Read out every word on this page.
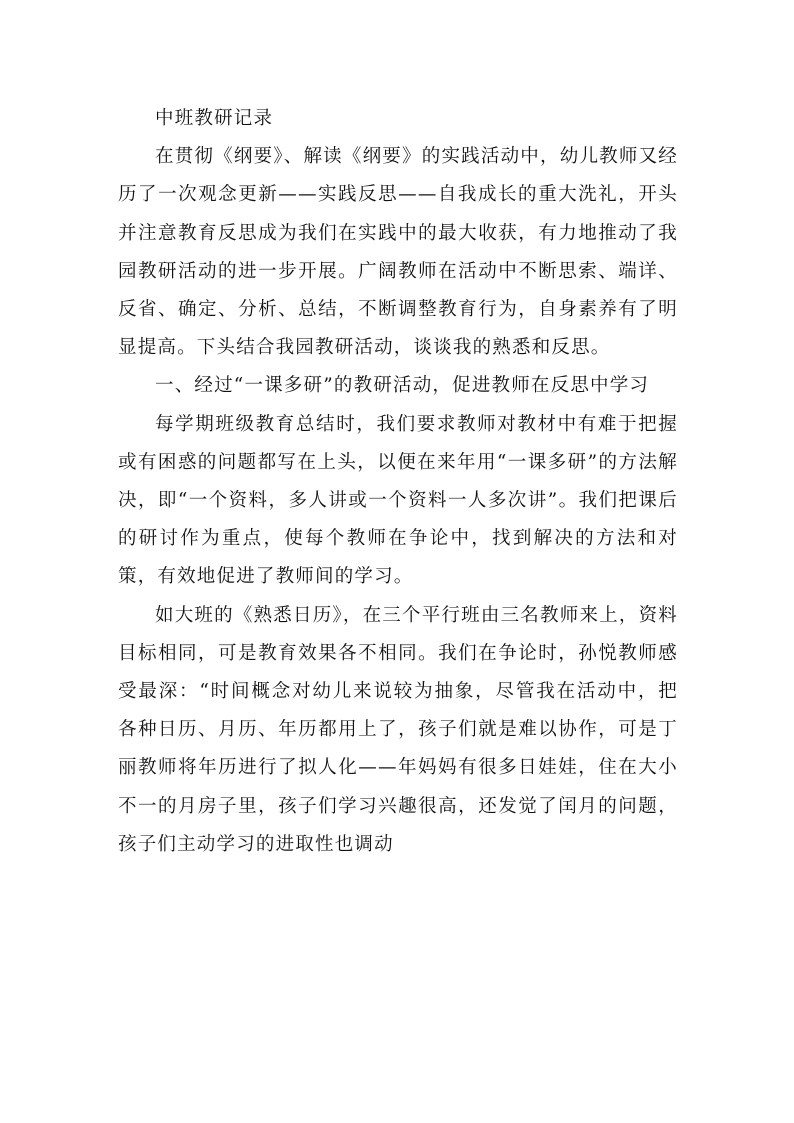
中班教研记录

在贯彻《纲要》、解读《纲要》的实践活动中，幼儿教师又经历了一次观念更新——实践反思——自我成长的重大洗礼，开头并注意教育反思成为我们在实践中的最大收获，有力地推动了我园教研活动的进一步开展。广阔教师在活动中不断思索、端详、反省、确定、分析、总结，不断调整教育行为，自身素养有了明显提高。下头结合我园教研活动，谈谈我的熟悉和反思。

一、经过“一课多研”的教研活动，促进教师在反思中学习

每学期班级教育总结时，我们要求教师对教材中有难于把握或有困惑的问题都写在上头，以便在来年用“一课多研”的方法解决，即“一个资料，多人讲或一个资料一人多次讲”。我们把课后的研讨作为重点，使每个教师在争论中，找到解决的方法和对策，有效地促进了教师间的学习。

如大班的《熟悉日历》，在三个平行班由三名教师来上，资料目标相同，可是教育效果各不相同。我们在争论时，孙悦教师感受最深：“时间概念对幼儿来说较为抽象，尽管我在活动中，把各种日历、月历、年历都用上了，孩子们就是难以协作，可是丁丽教师将年历进行了拟人化——年妈妈有很多日娃娃，住在大小不一的月房子里，孩子们学习兴趣很高，还发觉了闰月的问题，孩子们主动学习的进取性也调动
